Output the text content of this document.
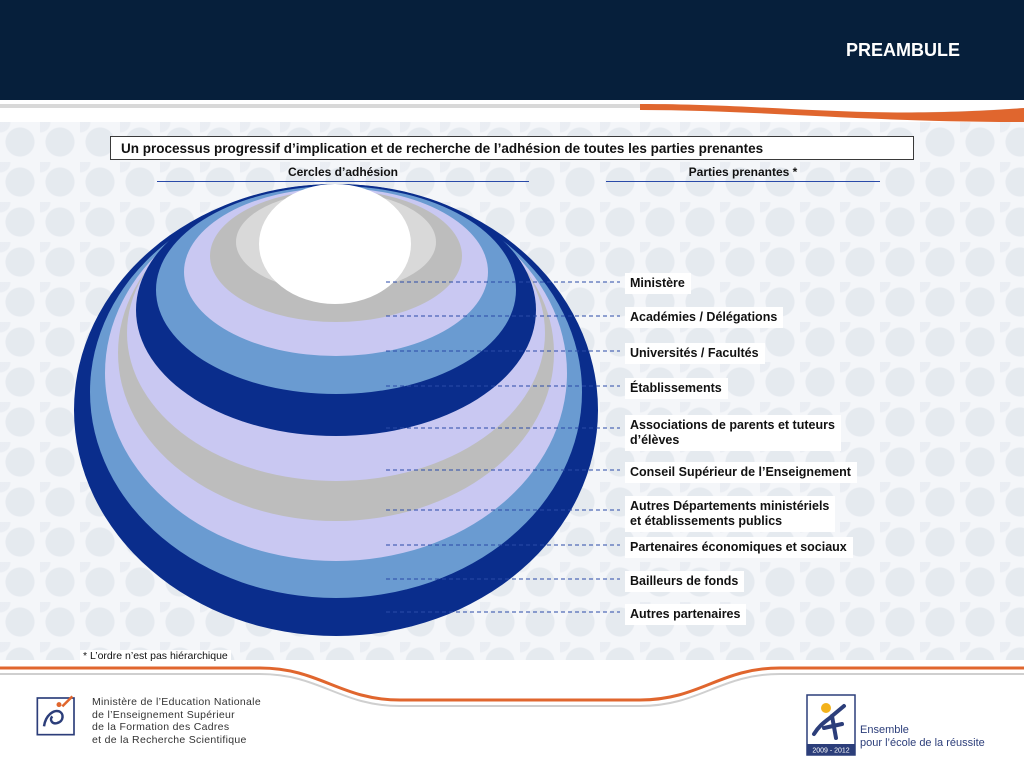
PREAMBULE
Un processus progressif d’implication et de recherche de l’adhésion de toutes les parties prenantes
Cercles d’adhésion	Parties prenantes *
Ministère
Académies / Délégations
Universités / Facultés
Établissements
Associations de parents et tuteurs
d’élèves
Conseil Supérieur de l’Enseignement
Autres Départements ministériels
et établissements publics
Partenaires économiques et sociaux
Bailleurs de fonds
Autres partenaires
* L’ordre n’est pas hiérarchique
Ministère de l’Education Nationale
de l’Enseignement Supérieur
de la Formation des Cadres
et de la Recherche Scientifique
2009 - 2012
Ensemble
pour l’école de la réussite
